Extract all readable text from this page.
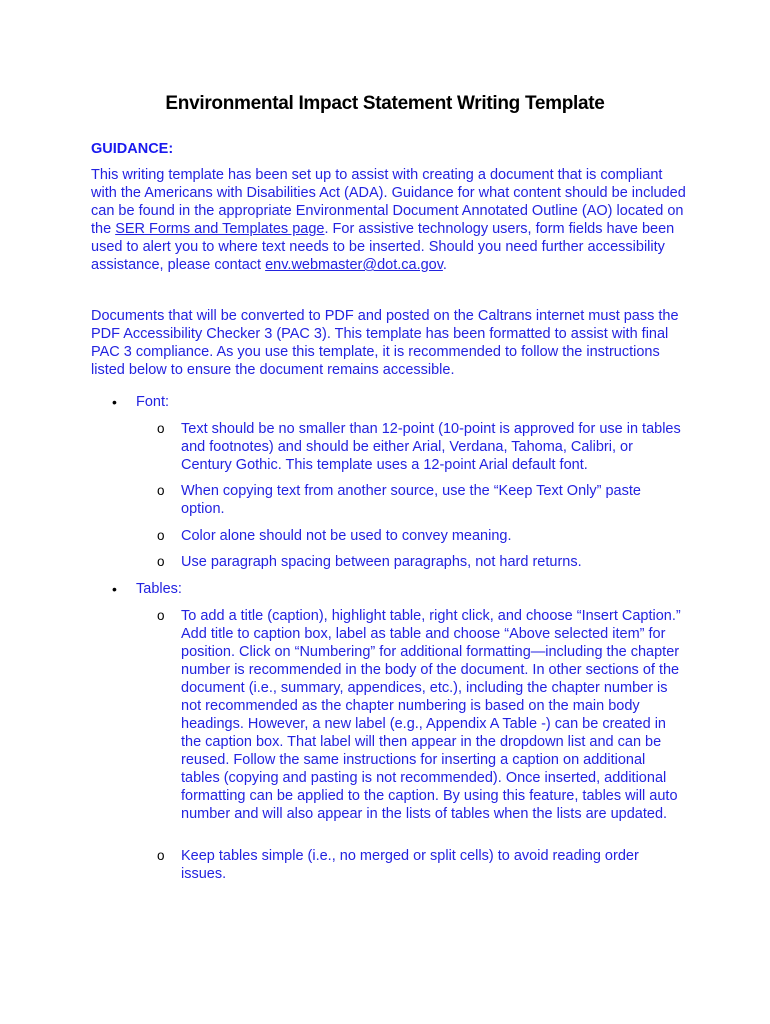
Environmental Impact Statement Writing Template
GUIDANCE:
This writing template has been set up to assist with creating a document that is compliant with the Americans with Disabilities Act (ADA). Guidance for what content should be included can be found in the appropriate Environmental Document Annotated Outline (AO) located on the SER Forms and Templates page. For assistive technology users, form fields have been used to alert you to where text needs to be inserted. Should you need further accessibility assistance, please contact env.webmaster@dot.ca.gov.
Documents that will be converted to PDF and posted on the Caltrans internet must pass the PDF Accessibility Checker 3 (PAC 3). This template has been formatted to assist with final PAC 3 compliance. As you use this template, it is recommended to follow the instructions listed below to ensure the document remains accessible.
• Font:
o Text should be no smaller than 12-point (10-point is approved for use in tables and footnotes) and should be either Arial, Verdana, Tahoma, Calibri, or Century Gothic. This template uses a 12-point Arial default font.
o When copying text from another source, use the “Keep Text Only” paste option.
o Color alone should not be used to convey meaning.
o Use paragraph spacing between paragraphs, not hard returns.
• Tables:
o To add a title (caption), highlight table, right click, and choose “Insert Caption.” Add title to caption box, label as table and choose “Above selected item” for position. Click on “Numbering” for additional formatting—including the chapter number is recommended in the body of the document. In other sections of the document (i.e., summary, appendices, etc.), including the chapter number is not recommended as the chapter numbering is based on the main body headings. However, a new label (e.g., Appendix A Table -) can be created in the caption box. That label will then appear in the dropdown list and can be reused. Follow the same instructions for inserting a caption on additional tables (copying and pasting is not recommended). Once inserted, additional formatting can be applied to the caption. By using this feature, tables will auto number and will also appear in the lists of tables when the lists are updated.
o Keep tables simple (i.e., no merged or split cells) to avoid reading order issues.
